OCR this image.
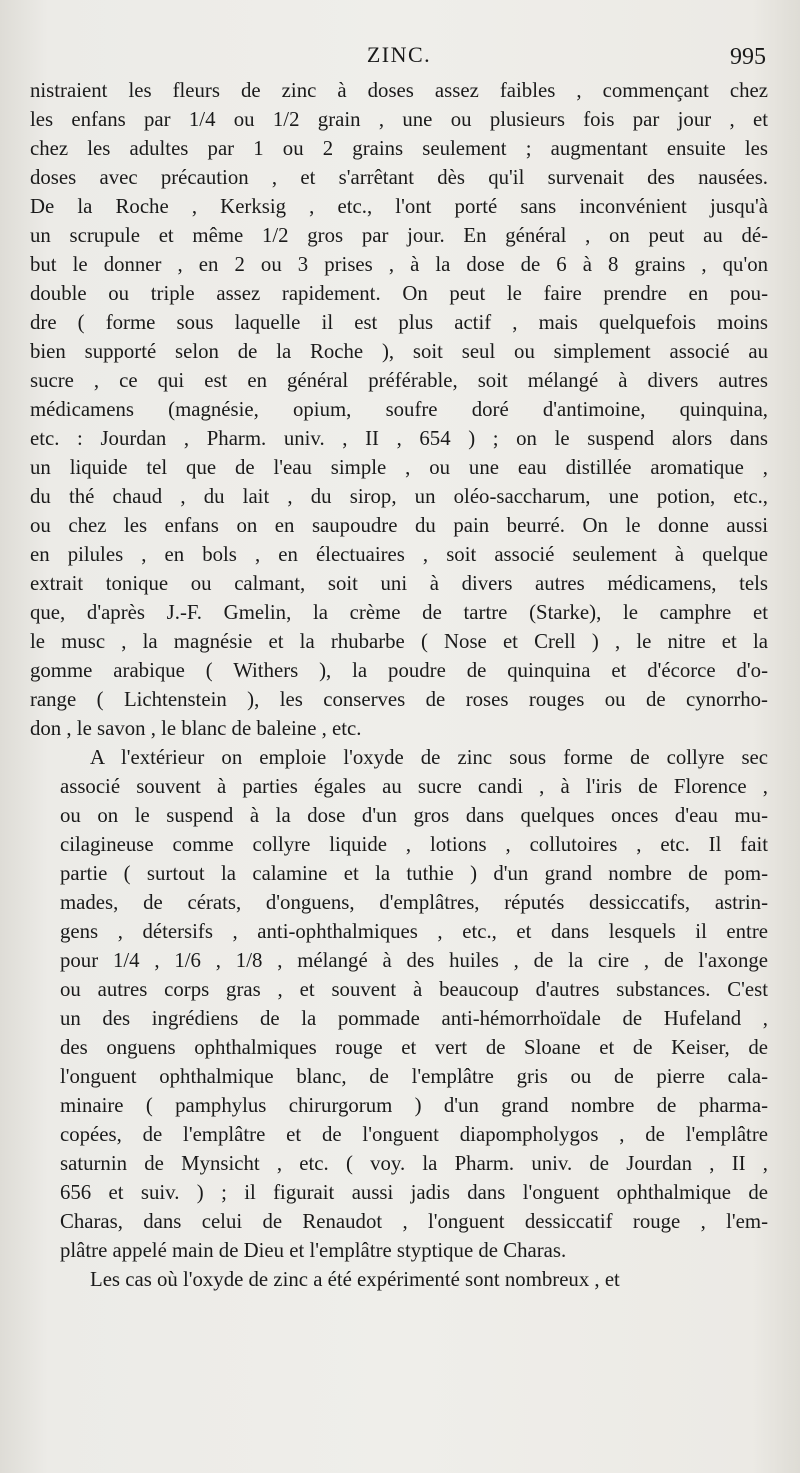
ZINC.	995

nistraient les fleurs de zinc à doses assez faibles , commençant chez
les enfans par 1/4 ou 1/2 grain , une ou plusieurs fois par jour , et
chez les adultes par 1 ou 2 grains seulement ; augmentant ensuite les
doses avec précaution , et s'arrêtant dès qu'il survenait des nausées.
De la Roche , Kerksig , etc., l'ont porté sans inconvénient jusqu'à
un scrupule et même 1/2 gros par jour. En général , on peut au dé-
but le donner , en 2 ou 3 prises , à la dose de 6 à 8 grains , qu'on
double ou triple assez rapidement. On peut le faire prendre en pou-
dre ( forme sous laquelle il est plus actif , mais quelquefois moins
bien supporté selon de la Roche ), soit seul ou simplement associé au
sucre , ce qui est en général préférable, soit mélangé à divers autres
médicamens (magnésie, opium, soufre doré d'antimoine, quinquina,
etc. : Jourdan , Pharm. univ. , II , 654 ) ; on le suspend alors dans
un liquide tel que de l'eau simple , ou une eau distillée aromatique ,
du thé chaud , du lait , du sirop, un oléo-saccharum, une potion, etc.,
ou chez les enfans on en saupoudre du pain beurré. On le donne aussi
en pilules , en bols , en électuaires , soit associé seulement à quelque
extrait tonique ou calmant, soit uni à divers autres médicamens, tels
que, d'après J.-F. Gmelin, la crème de tartre (Starke), le camphre et
le musc , la magnésie et la rhubarbe ( Nose et Crell ) , le nitre et la
gomme arabique ( Withers ), la poudre de quinquina et d'écorce d'o-
range ( Lichtenstein ), les conserves de roses rouges ou de cynorrho-
don , le savon , le blanc de baleine , etc.

A l'extérieur on emploie l'oxyde de zinc sous forme de collyre sec
associé souvent à parties égales au sucre candi , à l'iris de Florence ,
ou on le suspend à la dose d'un gros dans quelques onces d'eau mu-
cilagineuse comme collyre liquide , lotions , collutoires , etc. Il fait
partie ( surtout la calamine et la tuthie ) d'un grand nombre de pom-
mades, de cérats, d'onguens, d'emplâtres, réputés dessiccatifs, astrin-
gens , détersifs , anti-ophthalmiques , etc., et dans lesquels il entre
pour 1/4 , 1/6 , 1/8 , mélangé à des huiles , de la cire , de l'axonge
ou autres corps gras , et souvent à beaucoup d'autres substances. C'est
un des ingrédiens de la pommade anti-hémorrhoïdale de Hufeland ,
des onguens ophthalmiques rouge et vert de Sloane et de Keiser, de
l'onguent ophthalmique blanc, de l'emplâtre gris ou de pierre cala-
minaire ( pamphylus chirurgorum ) d'un grand nombre de pharma-
copées, de l'emplâtre et de l'onguent diapompholygos , de l'emplâtre
saturnin de Mynsicht , etc. ( voy. la Pharm. univ. de Jourdan , II ,
656 et suiv. ) ; il figurait aussi jadis dans l'onguent ophthalmique de
Charas, dans celui de Renaudot , l'onguent dessiccatif rouge , l'em-
plâtre appelé main de Dieu et l'emplâtre styptique de Charas.

Les cas où l'oxyde de zinc a été expérimenté sont nombreux , et
